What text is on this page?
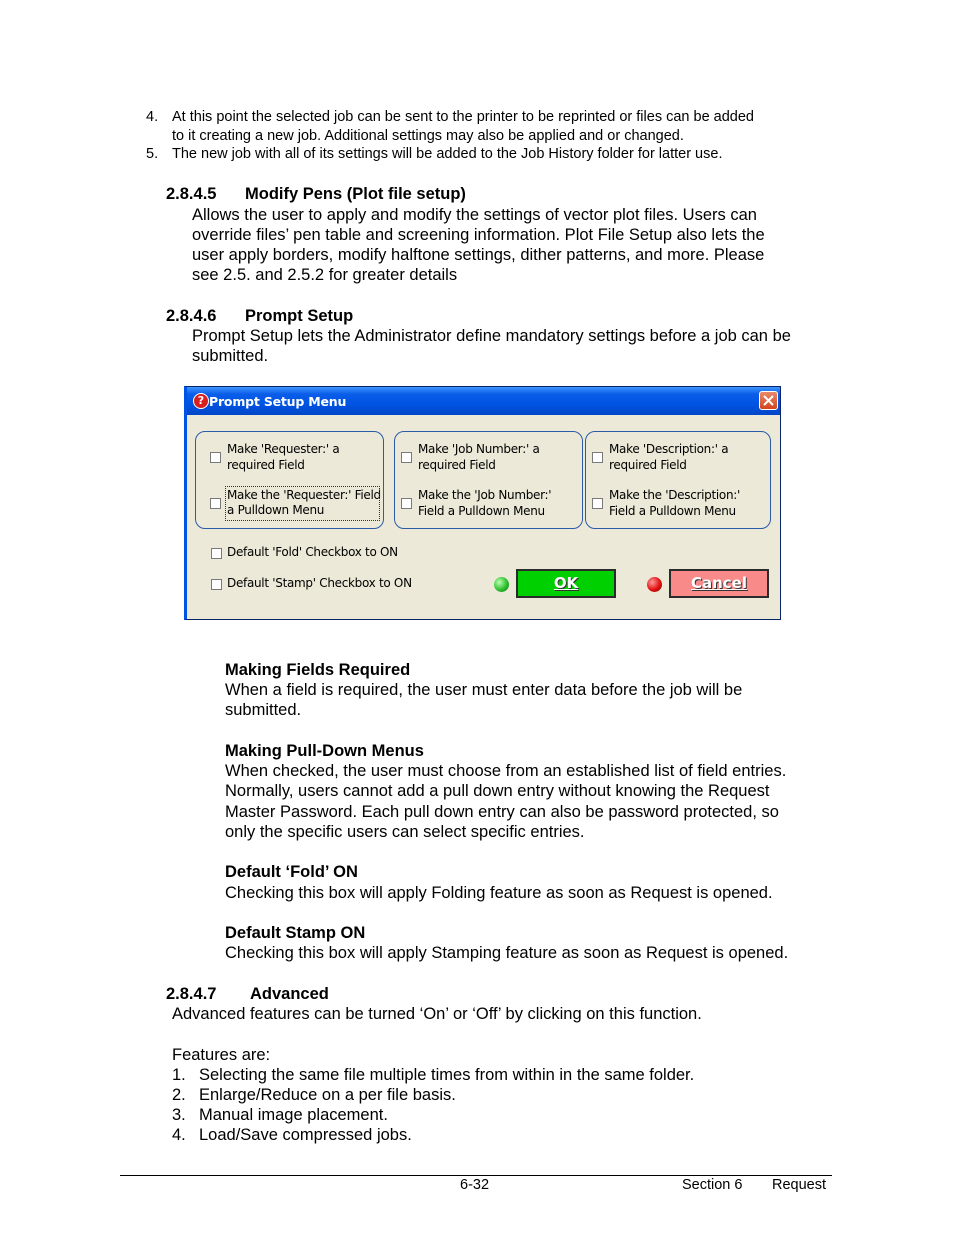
4. At this point the selected job can be sent to the printer to be reprinted or files can be added
to it creating a new job. Additional settings may also be applied and or changed.
5. The new job with all of its settings will be added to the Job History folder for latter use.
2.8.4.5 Modify Pens (Plot file setup)
Allows the user to apply and modify the settings of vector plot files. Users can
override files’ pen table and screening information. Plot File Setup also lets the
user apply borders, modify halftone settings, dither patterns, and more. Please
see 2.5. and 2.5.2 for greater details
2.8.4.6 Prompt Setup
Prompt Setup lets the Administrator define mandatory settings before a job can be
submitted.
? Prompt Setup Menu
Make 'Requester:' a
required Field
Make the 'Requester:' Field
a Pulldown Menu
Make 'Job Number:' a
required Field
Make the 'Job Number:'
Field a Pulldown Menu
Make 'Description:' a
required Field
Make the 'Description:'
Field a Pulldown Menu
Default 'Fold' Checkbox to ON
Default 'Stamp' Checkbox to ON	OK	Cancel
Making Fields Required
When a field is required, the user must enter data before the job will be
submitted.
Making Pull-Down Menus
When checked, the user must choose from an established list of field entries.
Normally, users cannot add a pull down entry without knowing the Request
Master Password. Each pull down entry can also be password protected, so
only the specific users can select specific entries.
Default ‘Fold’ ON
Checking this box will apply Folding feature as soon as Request is opened.
Default Stamp ON
Checking this box will apply Stamping feature as soon as Request is opened.
2.8.4.7 Advanced
Advanced features can be turned ‘On’ or ‘Off’ by clicking on this function.
Features are:
1. Selecting the same file multiple times from within in the same folder.
2. Enlarge/Reduce on a per file basis.
3. Manual image placement.
4. Load/Save compressed jobs.
6-32	Section 6 Request
